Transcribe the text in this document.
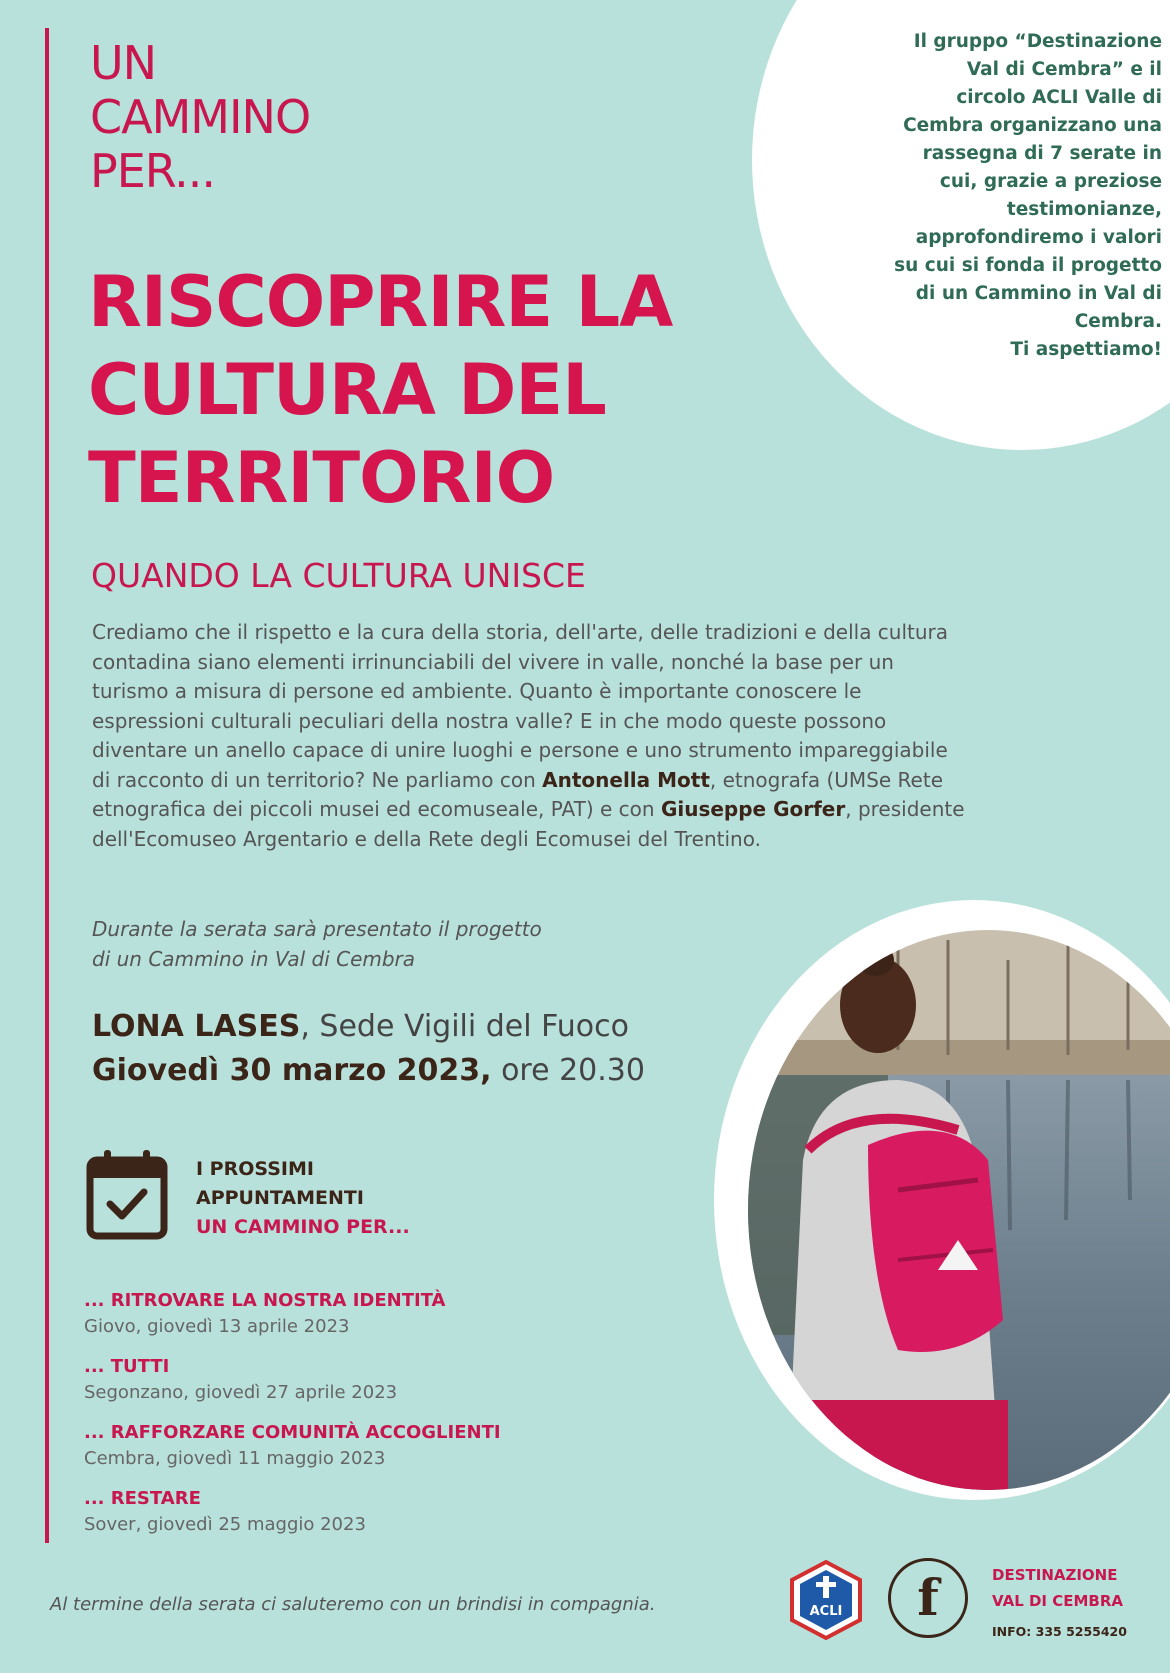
UN
CAMMINO
PER...
RISCOPRIRE LA
CULTURA DEL
TERRITORIO
QUANDO LA CULTURA UNISCE
Crediamo che il rispetto e la cura della storia, dell'arte, delle tradizioni e della cultura contadina siano elementi irrinunciabili del vivere in valle, nonché la base per un turismo a misura di persone ed ambiente. Quanto è importante conoscere le espressioni culturali peculiari della nostra valle? E in che modo queste possono diventare un anello capace di unire luoghi e persone e uno strumento impareggiabile di racconto di un territorio? Ne parliamo con Antonella Mott, etnografa (UMSe Rete etnografica dei piccoli musei ed ecomuseale, PAT) e con Giuseppe Gorfer, presidente dell'Ecomuseo Argentario e della Rete degli Ecomusei del Trentino.
Durante la serata sarà presentato il progetto
di un Cammino in Val di Cembra
LONA LASES, Sede Vigili del Fuoco
Giovedì 30 marzo 2023, ore 20.30
I PROSSIMI
APPUNTAMENTI
UN CAMMINO PER...
... RITROVARE LA NOSTRA IDENTITÀ
Giovo, giovedì 13 aprile 2023
... TUTTI
Segonzano, giovedì 27 aprile 2023
... RAFFORZARE COMUNITÀ ACCOGLIENTI
Cembra, giovedì 11 maggio 2023
... RESTARE
Sover, giovedì 25 maggio 2023
Al termine della serata ci saluteremo con un brindisi in compagnia.
Il gruppo “Destinazione
Val di Cembra” e il
circolo ACLI Valle di
Cembra organizzano una
rassegna di 7 serate in
cui, grazie a preziose
testimonianze,
approfondiremo i valori
su cui si fonda il progetto
di un Cammino in Val di
Cembra.
Ti aspettiamo!
ACLI	f	DESTINAZIONE
VAL DI CEMBRA
INFO: 335 5255420
